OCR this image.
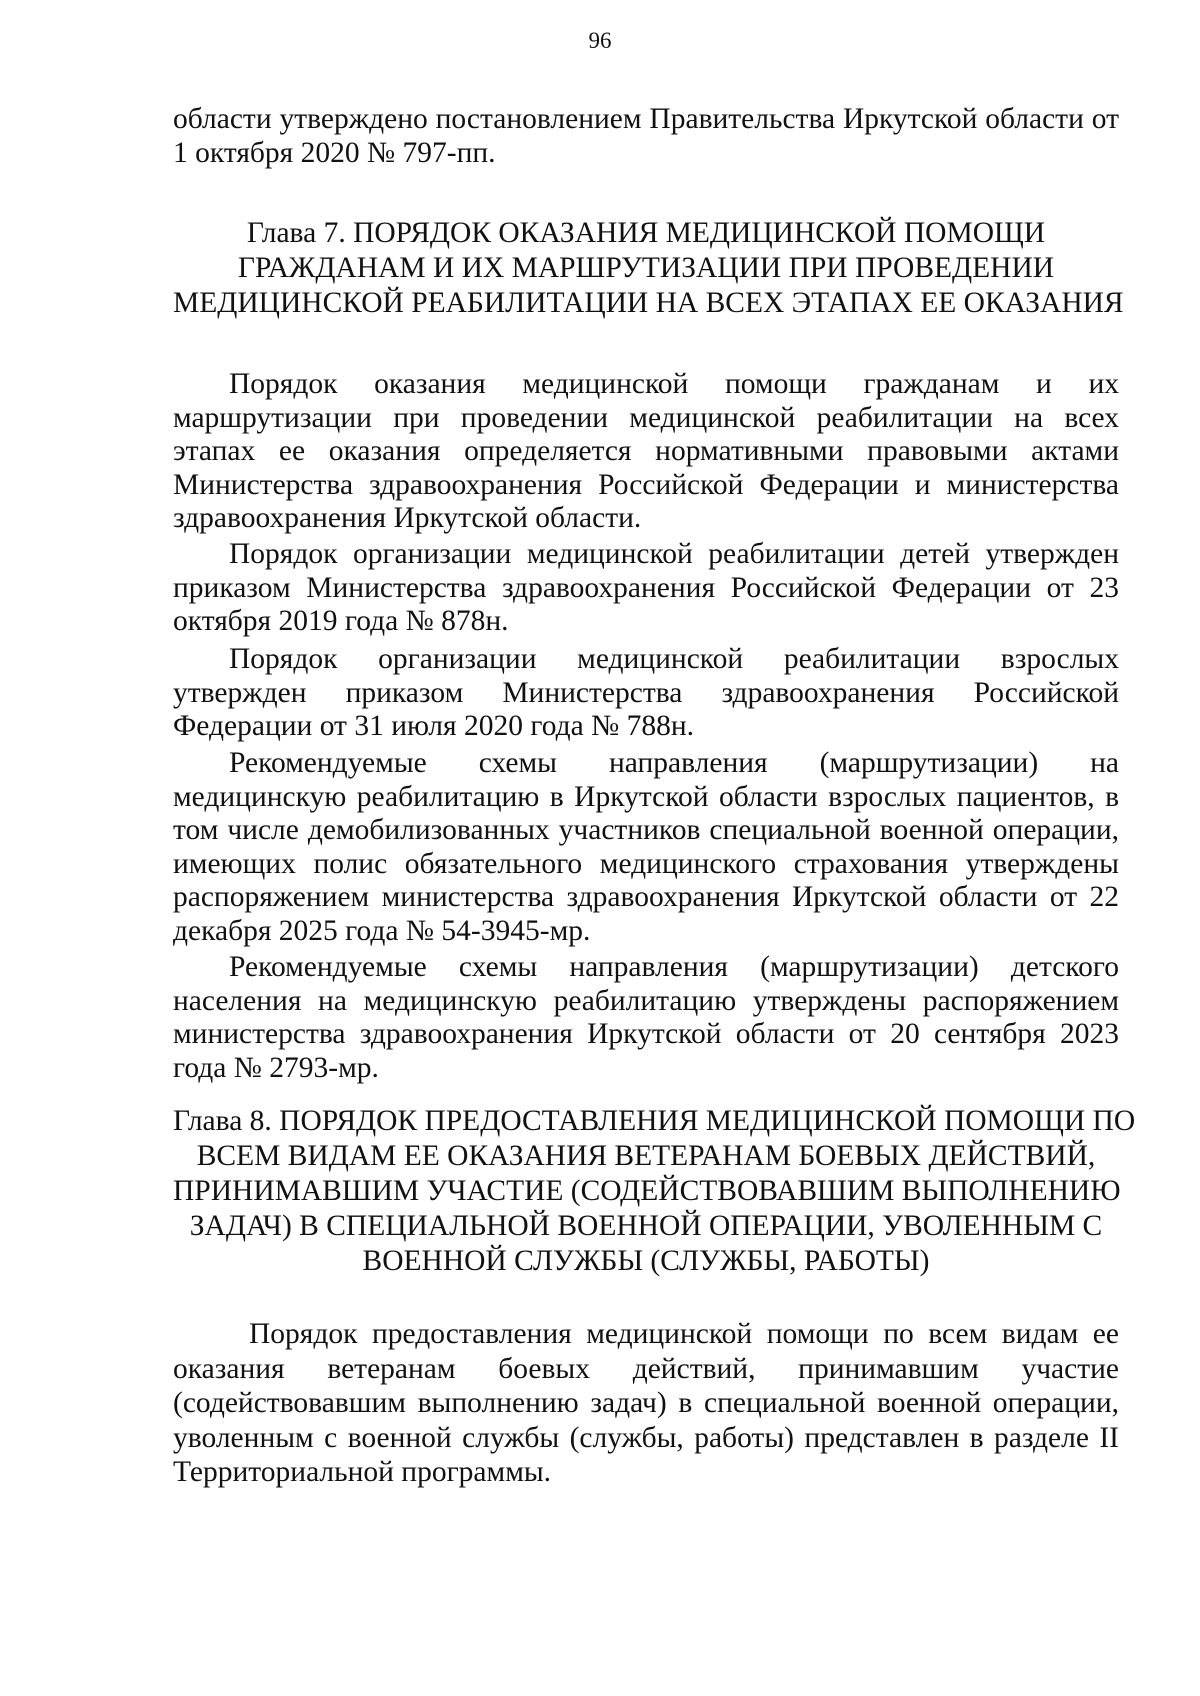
96

области утверждено постановлением Правительства Иркутской области от 1 октября 2020 № 797-пп.

Глава 7. ПОРЯДОК ОКАЗАНИЯ МЕДИЦИНСКОЙ ПОМОЩИ
ГРАЖДАНАМ И ИХ МАРШРУТИЗАЦИИ ПРИ ПРОВЕДЕНИИ
МЕДИЦИНСКОЙ РЕАБИЛИТАЦИИ НА ВСЕХ ЭТАПАХ ЕЕ ОКАЗАНИЯ

Порядок оказания медицинской помощи гражданам и их маршрутизации при проведении медицинской реабилитации на всех этапах ее оказания определяется нормативными правовыми актами Министерства здравоохранения Российской Федерации и министерства здравоохранения Иркутской области.

Порядок организации медицинской реабилитации детей утвержден приказом Министерства здравоохранения Российской Федерации от 23 октября 2019 года № 878н.

Порядок организации медицинской реабилитации взрослых утвержден приказом Министерства здравоохранения Российской Федерации от 31 июля 2020 года № 788н.

Рекомендуемые схемы направления (маршрутизации) на медицинскую реабилитацию в Иркутской области взрослых пациентов, в том числе демобилизованных участников специальной военной операции, имеющих полис обязательного медицинского страхования утверждены распоряжением министерства здравоохранения Иркутской области от 22 декабря 2025 года № 54-3945-мр.

Рекомендуемые схемы направления (маршрутизации) детского населения на медицинскую реабилитацию утверждены распоряжением министерства здравоохранения Иркутской области от 20 сентября 2023 года № 2793-мр.

Глава 8. ПОРЯДОК ПРЕДОСТАВЛЕНИЯ МЕДИЦИНСКОЙ ПОМОЩИ ПО
ВСЕМ ВИДАМ ЕЕ ОКАЗАНИЯ ВЕТЕРАНАМ БОЕВЫХ ДЕЙСТВИЙ,
ПРИНИМАВШИМ УЧАСТИЕ (СОДЕЙСТВОВАВШИМ ВЫПОЛНЕНИЮ
ЗАДАЧ) В СПЕЦИАЛЬНОЙ ВОЕННОЙ ОПЕРАЦИИ, УВОЛЕННЫМ С
ВОЕННОЙ СЛУЖБЫ (СЛУЖБЫ, РАБОТЫ)

Порядок предоставления медицинской помощи по всем видам ее оказания ветеранам боевых действий, принимавшим участие (содействовавшим выполнению задач) в специальной военной операции, уволенным с военной службы (службы, работы) представлен в разделе II Территориальной программы.
